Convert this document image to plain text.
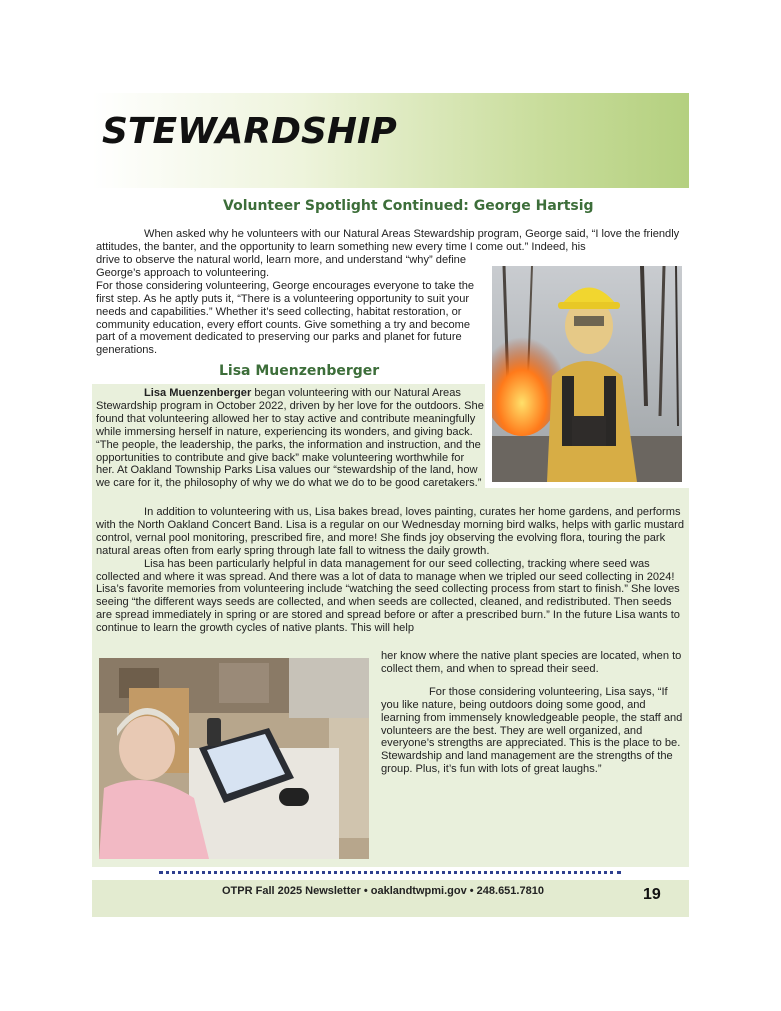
STEWARDSHIP
Volunteer Spotlight Continued: George Hartsig

When asked why he volunteers with our Natural Areas Stewardship program, George said, “I love the friendly attitudes, the banter, and the opportunity to learn something new every time I come out.” Indeed, his

drive to observe the natural world, learn more, and understand “why” define George’s approach to volunteering.

For those considering volunteering, George encourages everyone to take the first step. As he aptly puts it, “There is a volunteering opportunity to suit your needs and capabilities.” Whether it’s seed collecting, habitat restoration, or community education, every effort counts. Give something a try and become part of a movement dedicated to preserving our parks and planet for future generations.

Lisa Muenzenberger

Lisa Muenzenberger began volunteering with our Natural Areas Stewardship program in October 2022, driven by her love for the outdoors. She found that volunteering allowed her to stay active and contribute meaningfully while immersing herself in nature, experiencing its wonders, and giving back. “The people, the leadership, the parks, the information and instruction, and the opportunities to contribute and give back” make volunteering worthwhile for her. At Oakland Township Parks Lisa values our “stewardship of the land, how we care for it, the philosophy of why we do what we do to be good caretakers.”

In addition to volunteering with us, Lisa bakes bread, loves painting, curates her home gardens, and performs with the North Oakland Concert Band. Lisa is a regular on our Wednesday morning bird walks, helps with garlic mustard control, vernal pool monitoring, prescribed fire, and more! She finds joy observing the evolving flora, touring the park natural areas often from early spring through late fall to witness the daily growth.

Lisa has been particularly helpful in data management for our seed collecting, tracking where seed was collected and where it was spread. And there was a lot of data to manage when we tripled our seed collecting in 2024! Lisa’s favorite memories from volunteering include “watching the seed collecting process from start to finish.” She loves seeing “the different ways seeds are collected, and when seeds are collected, cleaned, and redistributed. Then seeds are spread immediately in spring or are stored and spread before or after a prescribed burn.” In the future Lisa wants to continue to learn the growth cycles of native plants. This will help

her know where the native plant species are located, when to collect them, and when to spread their seed.

For those considering volunteering, Lisa says, “If you like nature, being outdoors doing some good, and learning from immensely knowledgeable people, the staff and volunteers are the best. They are well organized, and everyone’s strengths are appreciated. This is the place to be. Stewardship and land management are the strengths of the group. Plus, it’s fun with lots of great laughs.”

OTPR Fall 2025 Newsletter • oaklandtwpmi.gov • 248.651.7810	19
